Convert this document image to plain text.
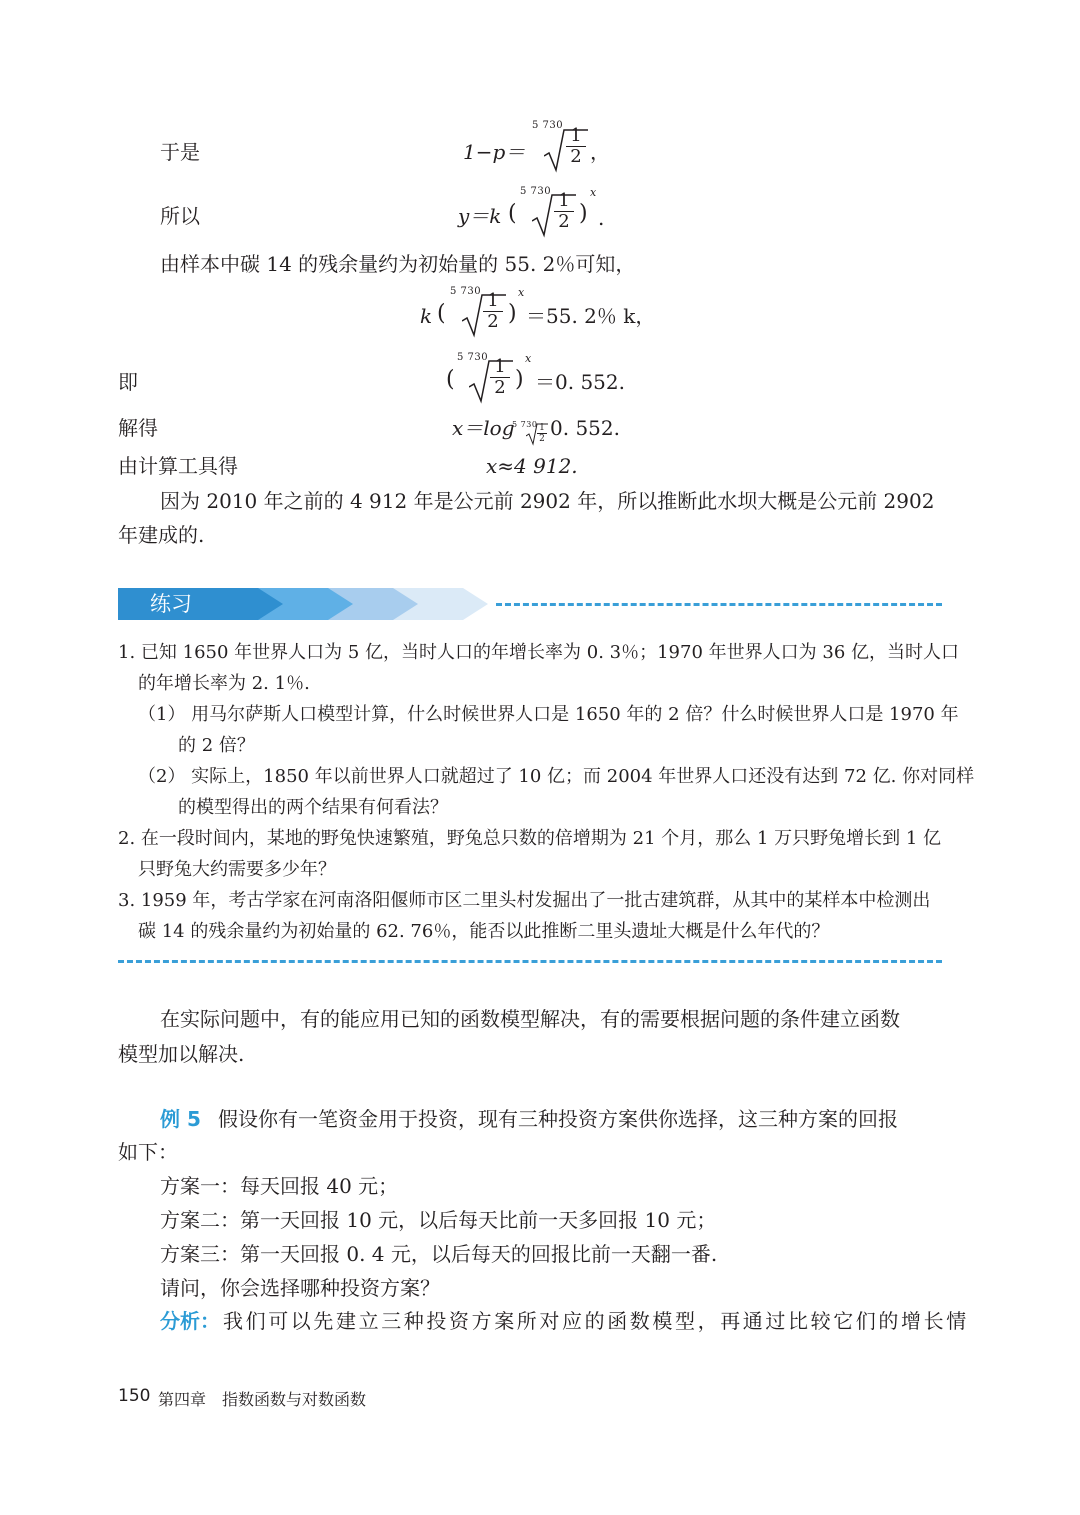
于是	1−p＝
5 730 1
2 ，
所以	y＝k (
5 730 1
2 )
x
.
由样本中碳 14 的残余量约为初始量的 55. 2％可知，
k (
5 730 1
2 )
x
＝55. 2％ k，
即	(
5 730 1
2 )
x
＝0. 552.
解得	x＝log
5 730 1
2 0. 552.
由计算工具得	x≈4 912.
因为 2010 年之前的 4 912 年是公元前 2902 年，所以推断此水坝大概是公元前 2902
年建成的.
练习
1. 已知 1650 年世界人口为 5 亿，当时人口的年增长率为 0. 3％；1970 年世界人口为 36 亿，当时人口
的年增长率为 2. 1％.
（1） 用马尔萨斯人口模型计算，什么时候世界人口是 1650 年的 2 倍？什么时候世界人口是 1970 年
的 2 倍？
（2） 实际上，1850 年以前世界人口就超过了 10 亿；而 2004 年世界人口还没有达到 72 亿. 你对同样
的模型得出的两个结果有何看法？
2. 在一段时间内，某地的野兔快速繁殖，野兔总只数的倍增期为 21 个月，那么 1 万只野兔增长到 1 亿
只野兔大约需要多少年？
3. 1959 年，考古学家在河南洛阳偃师市区二里头村发掘出了一批古建筑群，从其中的某样本中检测出
碳 14 的残余量约为初始量的 62. 76％，能否以此推断二里头遗址大概是什么年代的？
在实际问题中，有的能应用已知的函数模型解决，有的需要根据问题的条件建立函数
模型加以解决.
例 5 假设你有一笔资金用于投资，现有三种投资方案供你选择，这三种方案的回报
如下：
方案一：每天回报 40 元；
方案二：第一天回报 10 元，以后每天比前一天多回报 10 元；
方案三：第一天回报 0. 4 元，以后每天的回报比前一天翻一番.
请问，你会选择哪种投资方案？
分析： 我们可以先建立三种投资方案所对应的函数模型，再通过比较它们的增长情
150 第四章　指数函数与对数函数
